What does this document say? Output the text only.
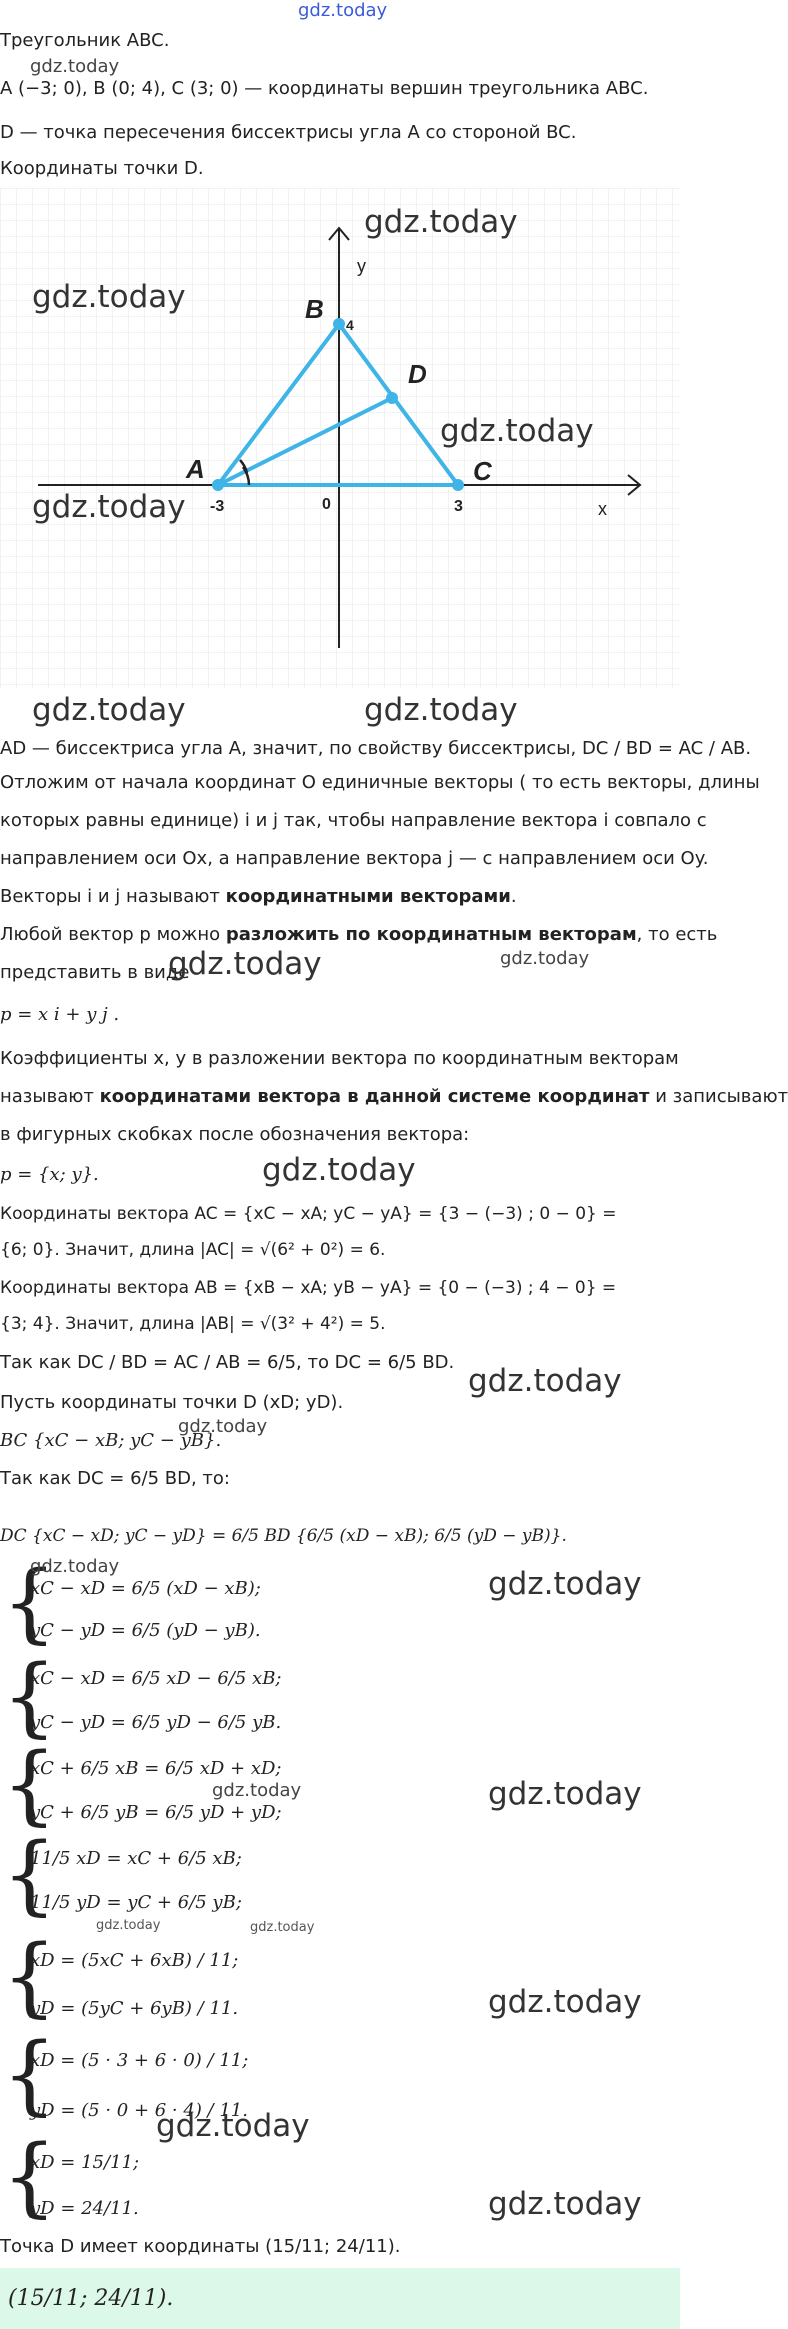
gdz.today
Треугольник ABC.
gdz.today
A (−3; 0), B (0; 4), C (3; 0) — координаты вершин треугольника ABC.
D — точка пересечения биссектрисы угла A со стороной BC.
Координаты точки D.
A
B
C
D
y
x
-3	0	3
4
gdz.today
gdz.today
gdz.today
gdz.today
gdz.today	gdz.today
AD — биссектриса угла A, значит, по свойству биссектрисы, DC / BD = AC / AB.
Отложим от начала координат O единичные векторы ( то есть векторы, длины
которых равны единице) i и j так, чтобы направление вектора i совпало с
направлением оси Ox, а направление вектора j — с направлением оси Oy.
Векторы i и j называют координатными векторами.
Любой вектор p можно разложить по координатным векторам, то есть
представить в виде
gdz.today	gdz.today
p = x i + y j .
Коэффициенты x, y в разложении вектора по координатным векторам
называют координатами вектора в данной системе координат и записывают
в фигурных скобках после обозначения вектора:
p = {x; y}.	gdz.today
Координаты вектора AC = {xC − xA; yC − yA} = {3 − (−3) ; 0 − 0} =
{6; 0}. Значит, длина |AC| = √(6² + 0²) = 6.
Координаты вектора AB = {xB − xA; yB − yA} = {0 − (−3) ; 4 − 0} =
{3; 4}. Значит, длина |AB| = √(3² + 4²) = 5.
Так как DC / BD = AC / AB = 6/5, то DC = 6/5 BD.
gdz.today
Пусть координаты точки D (xD; yD).
gdz.today
BC {xC − xB; yC − yB}.
Так как DC = 6/5 BD, то:
DC {xC − xD; yC − yD} = 6/5 BD {6/5 (xD − xB); 6/5 (yD − yB)}.
{
gdz.today
xC − xD = 6/5 (xD − xB);
yC − yD = 6/5 (yD − yB).
gdz.today
{
xC − xD = 6/5 xD − 6/5 xB;
yC − yD = 6/5 yD − 6/5 yB.
{
xC + 6/5 xB = 6/5 xD + xD;
yC + 6/5 yB = 6/5 yD + yD;
gdz.today	gdz.today
{
11/5 xD = xC + 6/5 xB;
11/5 yD = yC + 6/5 yB;
gdz.today	gdz.today
{
xD = (5xC + 6xB) / 11;
yD = (5yC + 6yB) / 11.	gdz.today
{
xD = (5 · 3 + 6 · 0) / 11;
yD = (5 · 0 + 6 · 4) / 11.
gdz.today
{
xD = 15/11;
yD = 24/11.	gdz.today
Точка D имеет координаты (15/11; 24/11).
(15/11; 24/11).
